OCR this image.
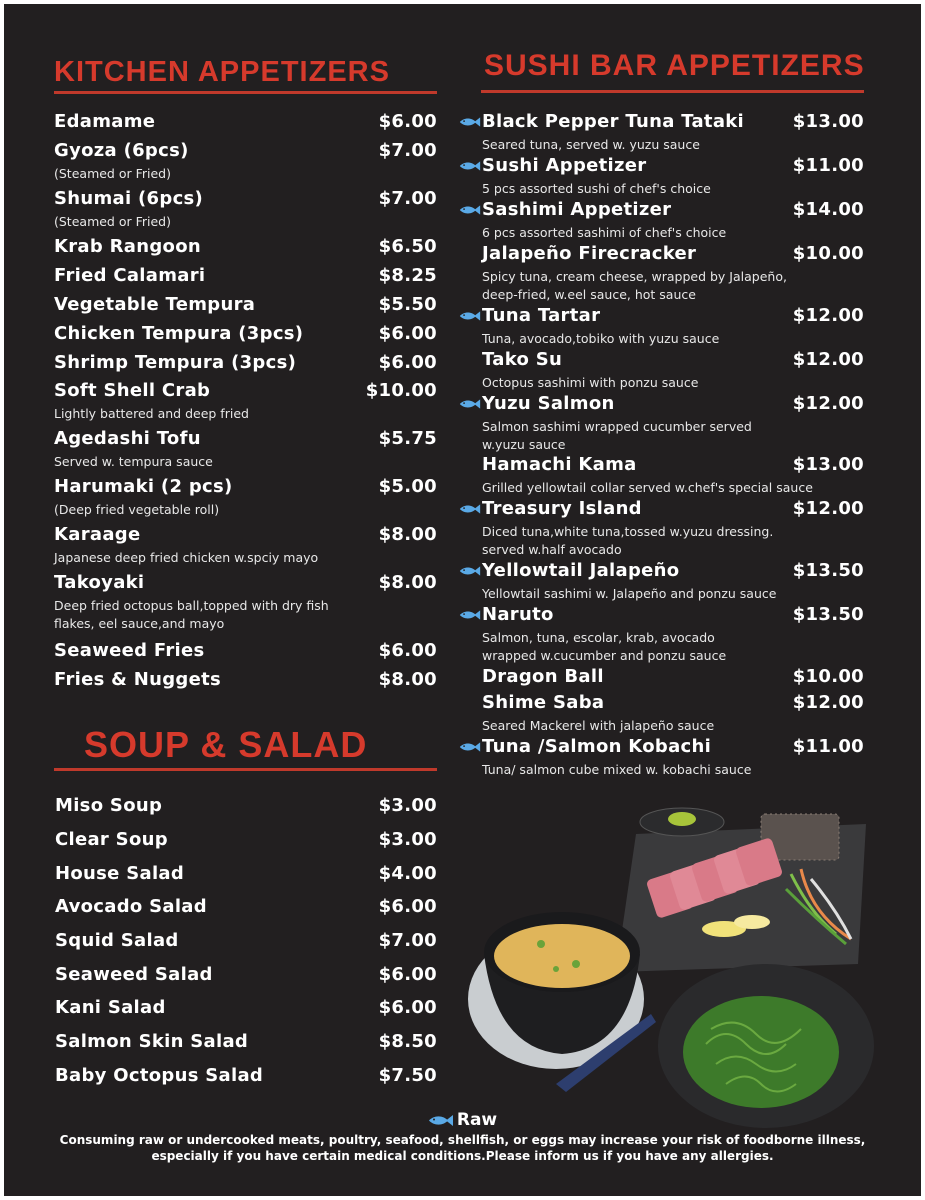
KITCHEN APPETIZERS
Edamame	$6.00
Gyoza (6pcs)	$7.00
(Steamed or Fried)
Shumai (6pcs)	$7.00
(Steamed or Fried)
Krab Rangoon	$6.50
Fried Calamari	$8.25
Vegetable Tempura	$5.50
Chicken Tempura (3pcs)	$6.00
Shrimp Tempura (3pcs)	$6.00
Soft Shell Crab	$10.00
Lightly battered and deep fried
Agedashi Tofu	$5.75
Served w. tempura sauce
Harumaki (2 pcs)	$5.00
(Deep fried vegetable roll)
Karaage	$8.00
Japanese deep fried chicken w.spciy mayo
Takoyaki	$8.00
Deep fried octopus ball,topped with dry fish
flakes, eel sauce,and mayo
Seaweed Fries	$6.00
Fries & Nuggets	$8.00
SOUP & SALAD
Miso Soup	$3.00
Clear Soup	$3.00
House Salad	$4.00
Avocado Salad	$6.00
Squid Salad	$7.00
Seaweed Salad	$6.00
Kani Salad	$6.00
Salmon Skin Salad	$8.50
Baby Octopus Salad	$7.50
SUSHI BAR APPETIZERS
Black Pepper Tuna Tataki	$13.00
Seared tuna, served w. yuzu sauce
Sushi Appetizer	$11.00
5 pcs assorted sushi of chef's choice
Sashimi Appetizer	$14.00
6 pcs assorted sashimi of chef's choice
Jalapeño Firecracker	$10.00
Spicy tuna, cream cheese, wrapped by Jalapeño,
deep-fried, w.eel sauce, hot sauce
Tuna Tartar	$12.00
Tuna, avocado,tobiko with yuzu sauce
Tako Su	$12.00
Octopus sashimi with ponzu sauce
Yuzu Salmon	$12.00
Salmon sashimi wrapped cucumber served
w.yuzu sauce
Hamachi Kama	$13.00
Grilled yellowtail collar served w.chef's special sauce
Treasury Island	$12.00
Diced tuna,white tuna,tossed w.yuzu dressing.
served w.half avocado
Yellowtail Jalapeño	$13.50
Yellowtail sashimi w. Jalapeño and ponzu sauce
Naruto	$13.50
Salmon, tuna, escolar, krab, avocado
wrapped w.cucumber and ponzu sauce
Dragon Ball	$10.00
Shime Saba	$12.00
Seared Mackerel with jalapeño sauce
Tuna /Salmon Kobachi	$11.00
Tuna/ salmon cube mixed w. kobachi sauce
Raw
Consuming raw or undercooked meats, poultry, seafood, shellfish, or eggs may increase your risk of foodborne illness,
especially if you have certain medical conditions.Please inform us if you have any allergies.
